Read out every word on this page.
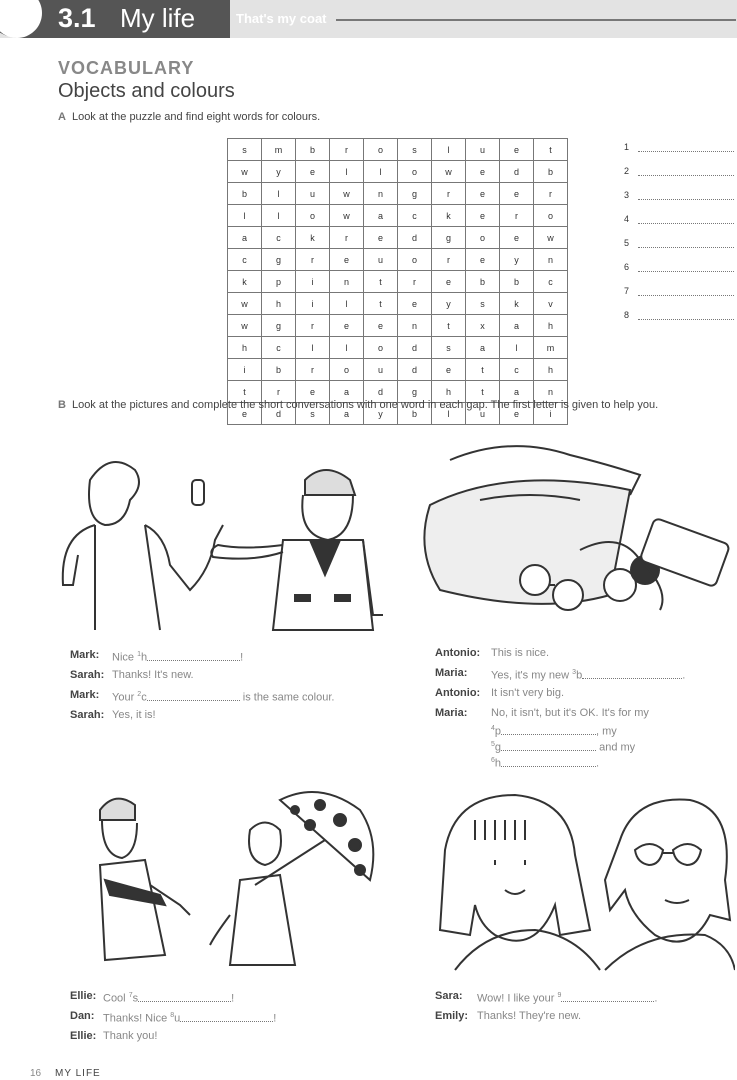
3.1 My life	That's my coat
VOCABULARY
Objects and colours
A Look at the puzzle and find eight words for colours.
s	m	b	r	o	s	l	u	e	t
w	y	e	l	l	o	w	e	d	b
b	l	u	w	n	g	r	e	e	r
l	l	o	w	a	c	k	e	r	o
a	c	k	r	e	d	g	o	e	w
c	g	r	e	u	o	r	e	y	n
k	p	i	n	t	r	e	b	b	c
w	h	i	l	t	e	y	s	k	v
w	g	r	e	e	n	t	x	a	h
h	c	l	l	o	d	s	a	l	m
i	b	r	o	u	d	e	t	c	h
t	r	e	a	d	g	h	t	a	n
e	d	s	a	y	b	l	u	e	i
1
2
3
4
5
6
7
8
B Look at the pictures and complete the short conversations with one word in each gap. The first letter is given to help you.
Mark: Nice $^1$h	!
Sarah: Thanks! It's new.
Mark: Your $^2$c	is the same colour.
Sarah: Yes, it is!
Antonio: This is nice.
Maria: Yes, it's my new $^3$b	.
Antonio: It isn't very big.
Maria: No, it isn't, but it's OK. It's for my
$^4$p	, my
$^5$g	and my
$^6$h	.
Ellie: Cool $^7$s	!
Dan: Thanks! Nice $^8$u	!
Ellie: Thank you!
Sara: Wow! I like your $^9$	.
Emily: Thanks! They're new.
16 MY LIFE
